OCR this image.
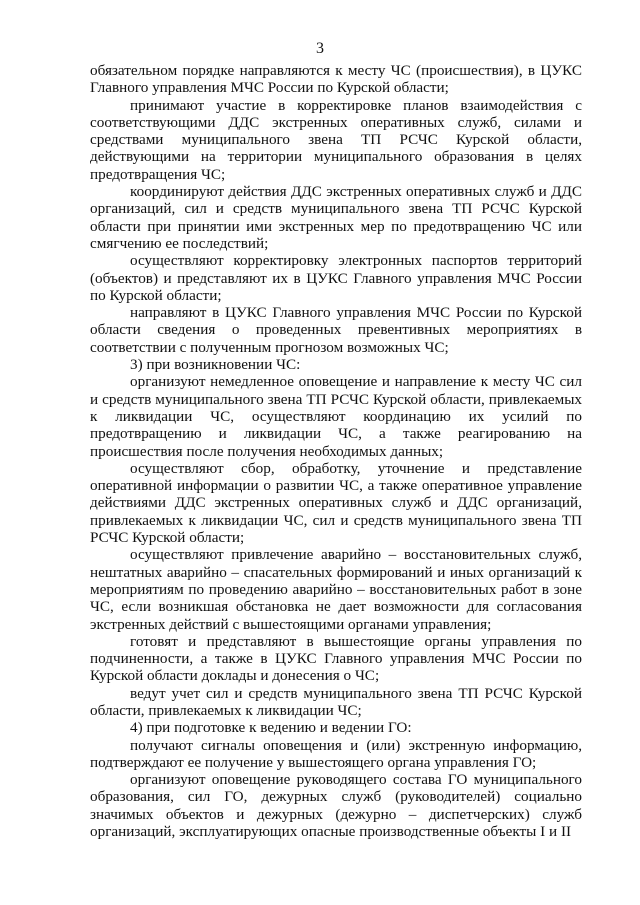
3

обязательном порядке направляются к месту ЧС (происшествия), в ЦУКС Главного управления МЧС России по Курской области;

принимают участие в корректировке планов взаимодействия с соответствующими ДДС экстренных оперативных служб, силами и средствами муниципального звена ТП РСЧС Курской области, действующими на территории муниципального образования в целях предотвращения ЧС;

координируют действия ДДС экстренных оперативных служб и ДДС организаций, сил и средств муниципального звена ТП РСЧС Курской области при принятии ими экстренных мер по предотвращению ЧС или смягчению ее последствий;

осуществляют корректировку электронных паспортов территорий (объектов) и представляют их в ЦУКС Главного управления МЧС России по Курской области;

направляют в ЦУКС Главного управления МЧС России по Курской области сведения о проведенных превентивных мероприятиях в соответствии с полученным прогнозом возможных ЧС;

3) при возникновении ЧС:

организуют немедленное оповещение и направление к месту ЧС сил и средств муниципального звена ТП РСЧС Курской области, привлекаемых к ликвидации ЧС, осуществляют координацию их усилий по предотвращению и ликвидации ЧС, а также реагированию на происшествия после получения необходимых данных;

осуществляют сбор, обработку, уточнение и представление оперативной информации о развитии ЧС, а также оперативное управление действиями ДДС экстренных оперативных служб и ДДС организаций, привлекаемых к ликвидации ЧС, сил и средств муниципального звена ТП РСЧС Курской области;

осуществляют привлечение аварийно – восстановительных служб, нештатных аварийно – спасательных формирований и иных организаций к мероприятиям по проведению аварийно – восстановительных работ в зоне ЧС, если возникшая обстановка не дает возможности для согласования экстренных действий с вышестоящими органами управления;

готовят и представляют в вышестоящие органы управления по подчиненности, а также в ЦУКС Главного управления МЧС России по Курской области доклады и донесения о ЧС;

ведут учет сил и средств муниципального звена ТП РСЧС Курской области, привлекаемых к ликвидации ЧС;

4) при подготовке к ведению и ведении ГО:

получают сигналы оповещения и (или) экстренную информацию, подтверждают ее получение у вышестоящего органа управления ГО;

организуют оповещение руководящего состава ГО муниципального образования, сил ГО, дежурных служб (руководителей) социально значимых объектов и дежурных (дежурно – диспетчерских) служб организаций, эксплуатирующих опасные производственные объекты I и II
